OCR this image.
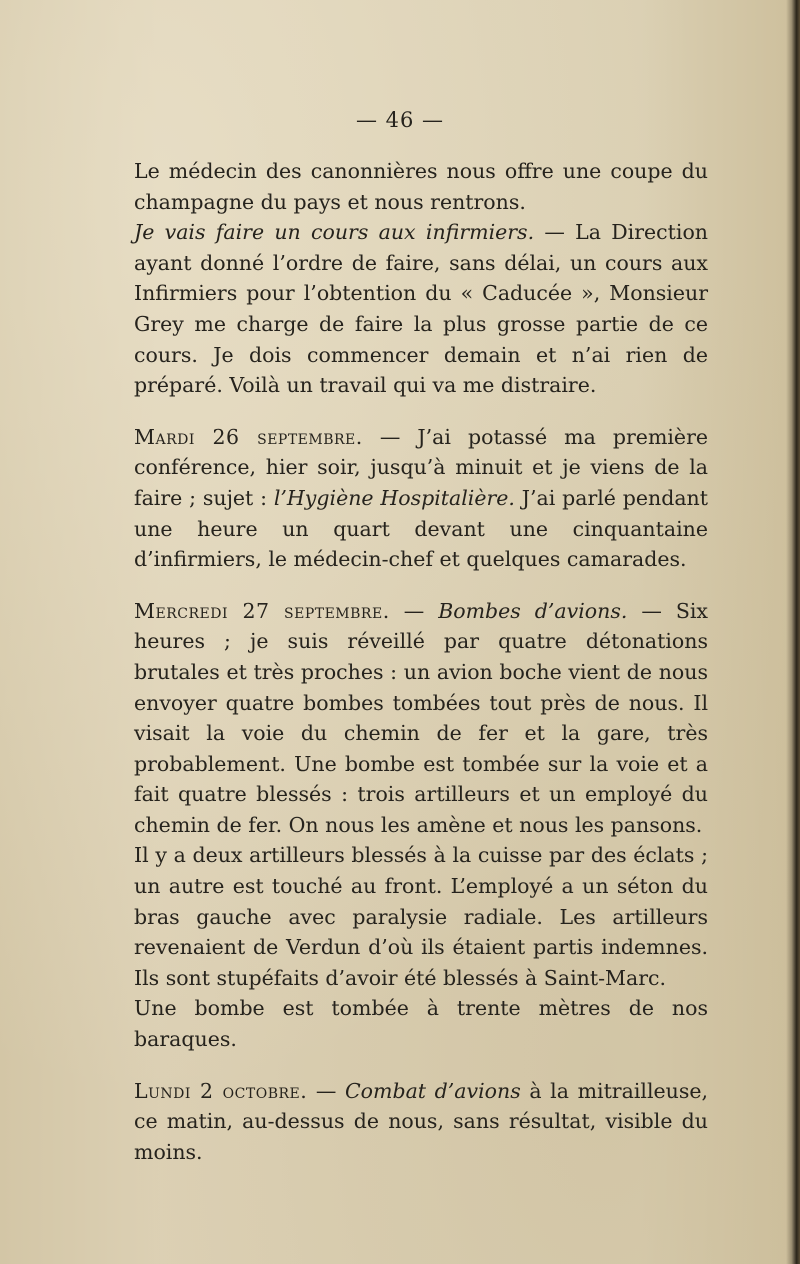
— 46 —

Le médecin des canonnières nous offre une coupe du champagne du pays et nous rentrons.

Je vais faire un cours aux infirmiers. — La Direction ayant donné l’ordre de faire, sans délai, un cours aux Infirmiers pour l’obtention du « Caducée », Monsieur Grey me charge de faire la plus grosse partie de ce cours. Je dois commencer demain et n’ai rien de préparé. Voilà un travail qui va me distraire.

Mardi 26 septembre. — J’ai potassé ma première conférence, hier soir, jusqu’à minuit et je viens de la faire ; sujet : l’Hygiène Hospitalière. J’ai parlé pendant une heure un quart devant une cinquantaine d’infirmiers, le médecin-chef et quelques camarades.

Mercredi 27 septembre. — Bombes d’avions. — Six heures ; je suis réveillé par quatre détonations brutales et très proches : un avion boche vient de nous envoyer quatre bombes tombées tout près de nous. Il visait la voie du chemin de fer et la gare, très probablement. Une bombe est tombée sur la voie et a fait quatre blessés : trois artilleurs et un employé du chemin de fer. On nous les amène et nous les pansons.

Il y a deux artilleurs blessés à la cuisse par des éclats ; un autre est touché au front. L’employé a un séton du bras gauche avec paralysie radiale. Les artilleurs revenaient de Verdun d’où ils étaient partis indemnes. Ils sont stupéfaits d’avoir été blessés à Saint-Marc.

Une bombe est tombée à trente mètres de nos baraques.

Lundi 2 octobre. — Combat d’avions à la mitrailleuse, ce matin, au-dessus de nous, sans résultat, visible du moins.
